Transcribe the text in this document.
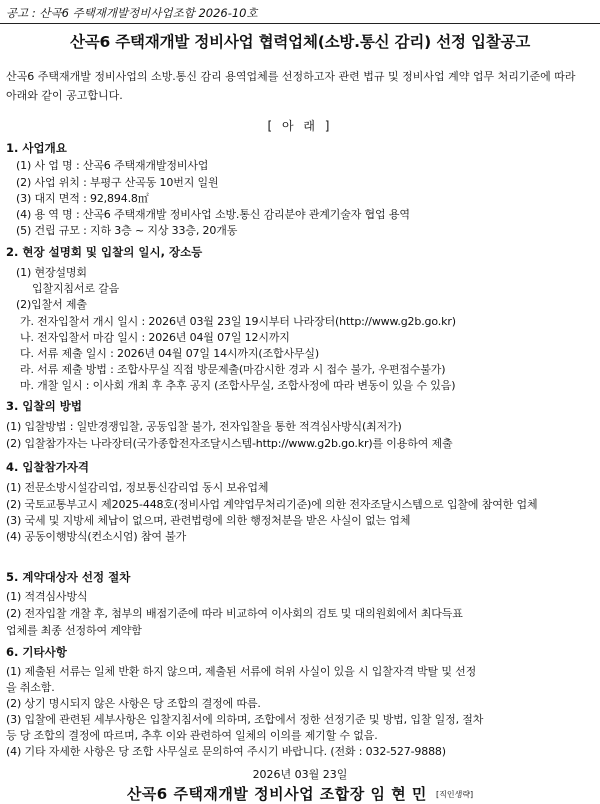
공고 : 산곡6 주택재개발정비사업조합 2026-10호
산곡6 주택재개발 정비사업 협력업체(소방.통신 감리) 선정 입찰공고
산곡6 주택재개발 정비사업의 소방.통신 감리 용역업체를 선정하고자 관련 법규 및 정비사업 계약 업무 처리기준에 따라
아래와 같이 공고합니다.
[ 아 래 ]
1. 사업개요
(1) 사 업 명 : 산곡6 주택재개발정비사업
(2) 사업 위치 : 부평구 산곡동 10번지 일원
(3) 대지 면적 : 92,894.8㎡
(4) 용 역 명 : 산곡6 주택재개발 정비사업 소방.통신 감리분야 관계기술자 협업 용역
(5) 건립 규모 : 지하 3층 ~ 지상 33층, 20개동
2. 현장 설명회 및 입찰의 일시, 장소등
(1) 현장설명회
입찰지침서로 갈음
(2)입찰서 제출
가. 전자입찰서 개시 일시 : 2026년 03월 23일 19시부터 나라장터(http://www.g2b.go.kr)
나. 전자입찰서 마감 일시 : 2026년 04월 07일 12시까지
다. 서류 제출 일시 : 2026년 04월 07일 14시까지(조합사무실)
라. 서류 제출 방법 : 조합사무실 직접 방문제출(마감시한 경과 시 접수 불가, 우편접수불가)
마. 개찰 일시 : 이사회 개최 후 추후 공지 (조합사무실, 조합사정에 따라 변동이 있을 수 있음)
3. 입찰의 방법
(1) 입찰방법 : 일반경쟁입찰, 공동입찰 불가, 전자입찰을 통한 적격심사방식(최저가)
(2) 입찰참가자는 나라장터(국가종합전자조달시스템-http://www.g2b.go.kr)를 이용하여 제출
4. 입찰참가자격
(1) 전문소방시설감리업, 정보통신감리업 동시 보유업체
(2) 국토교통부고시 제2025-448호(정비사업 계약업무처리기준)에 의한 전자조달시스템으로 입찰에 참여한 업체
(3) 국세 및 지방세 체납이 없으며, 관련법령에 의한 행정처분을 받은 사실이 없는 업체
(4) 공동이행방식(컨소시엄) 참여 불가
5. 계약대상자 선정 절차
(1) 적격심사방식
(2) 전자입찰 개찰 후, 첨부의 배점기준에 따라 비교하여 이사회의 검토 및 대의원회에서 최다득표
업체를 최종 선정하여 계약함
6. 기타사항
(1) 제출된 서류는 일체 반환 하지 않으며, 제출된 서류에 허위 사실이 있을 시 입찰자격 박탈 및 선정
을 취소함.
(2) 상기 명시되지 않은 사항은 당 조합의 결정에 따름.
(3) 입찰에 관련된 세부사항은 입찰지침서에 의하며, 조합에서 정한 선정기준 및 방법, 입찰 일정, 절차
등 당 조합의 결정에 따르며, 추후 이와 관련하여 일체의 이의를 제기할 수 없음.
(4) 기타 자세한 사항은 당 조합 사무실로 문의하여 주시기 바랍니다. (전화 : 032-527-9888)
2026년 03월 23일
산곡6 주택재개발 정비사업 조합장 임 현 민 [직인생략]
